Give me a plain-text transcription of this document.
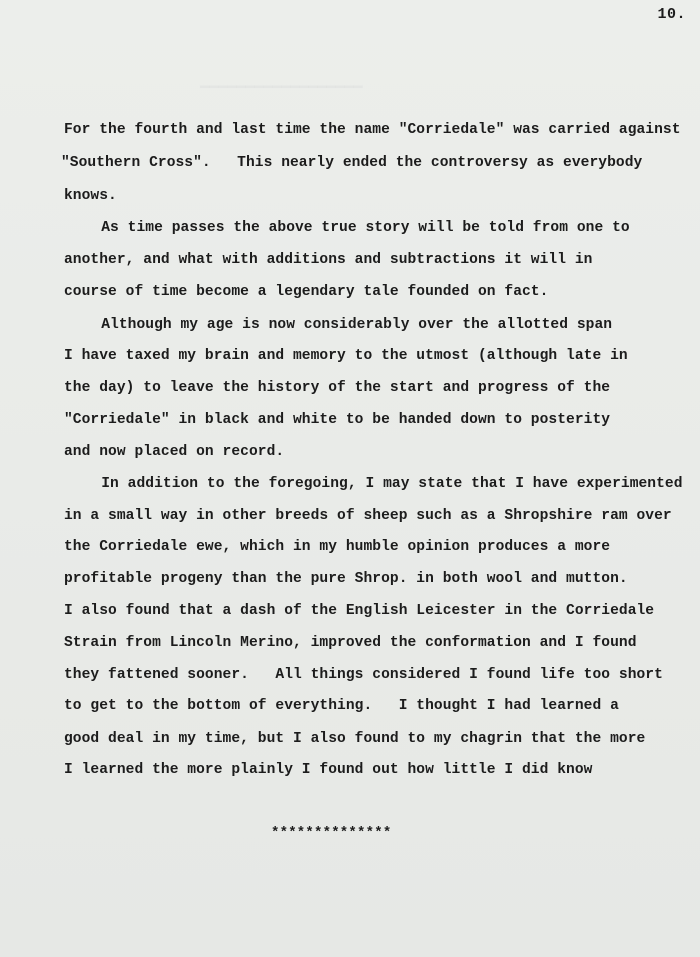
━━━━━━━━━━━━━━━━━━
10.
For the fourth and last time the name "Corriedale" was carried against
"Southern Cross".   This nearly ended the controversy as everybody
knows.
As time passes the above true story will be told from one to
another, and what with additions and subtractions it will in
course of time become a legendary tale founded on fact.
Although my age is now considerably over the allotted span
I have taxed my brain and memory to the utmost (although late in
the day) to leave the history of the start and progress of the
"Corriedale" in black and white to be handed down to posterity
and now placed on record.
In addition to the foregoing, I may state that I have experimented
in a small way in other breeds of sheep such as a Shropshire ram over
the Corriedale ewe, which in my humble opinion produces a more
profitable progeny than the pure Shrop. in both wool and mutton.
I also found that a dash of the English Leicester in the Corriedale
Strain from Lincoln Merino, improved the conformation and I found
they fattened sooner.   All things considered I found life too short
to get to the bottom of everything.   I thought I had learned a
good deal in my time, but I also found to my chagrin that the more
I learned the more plainly I found out how little I did know
**************
